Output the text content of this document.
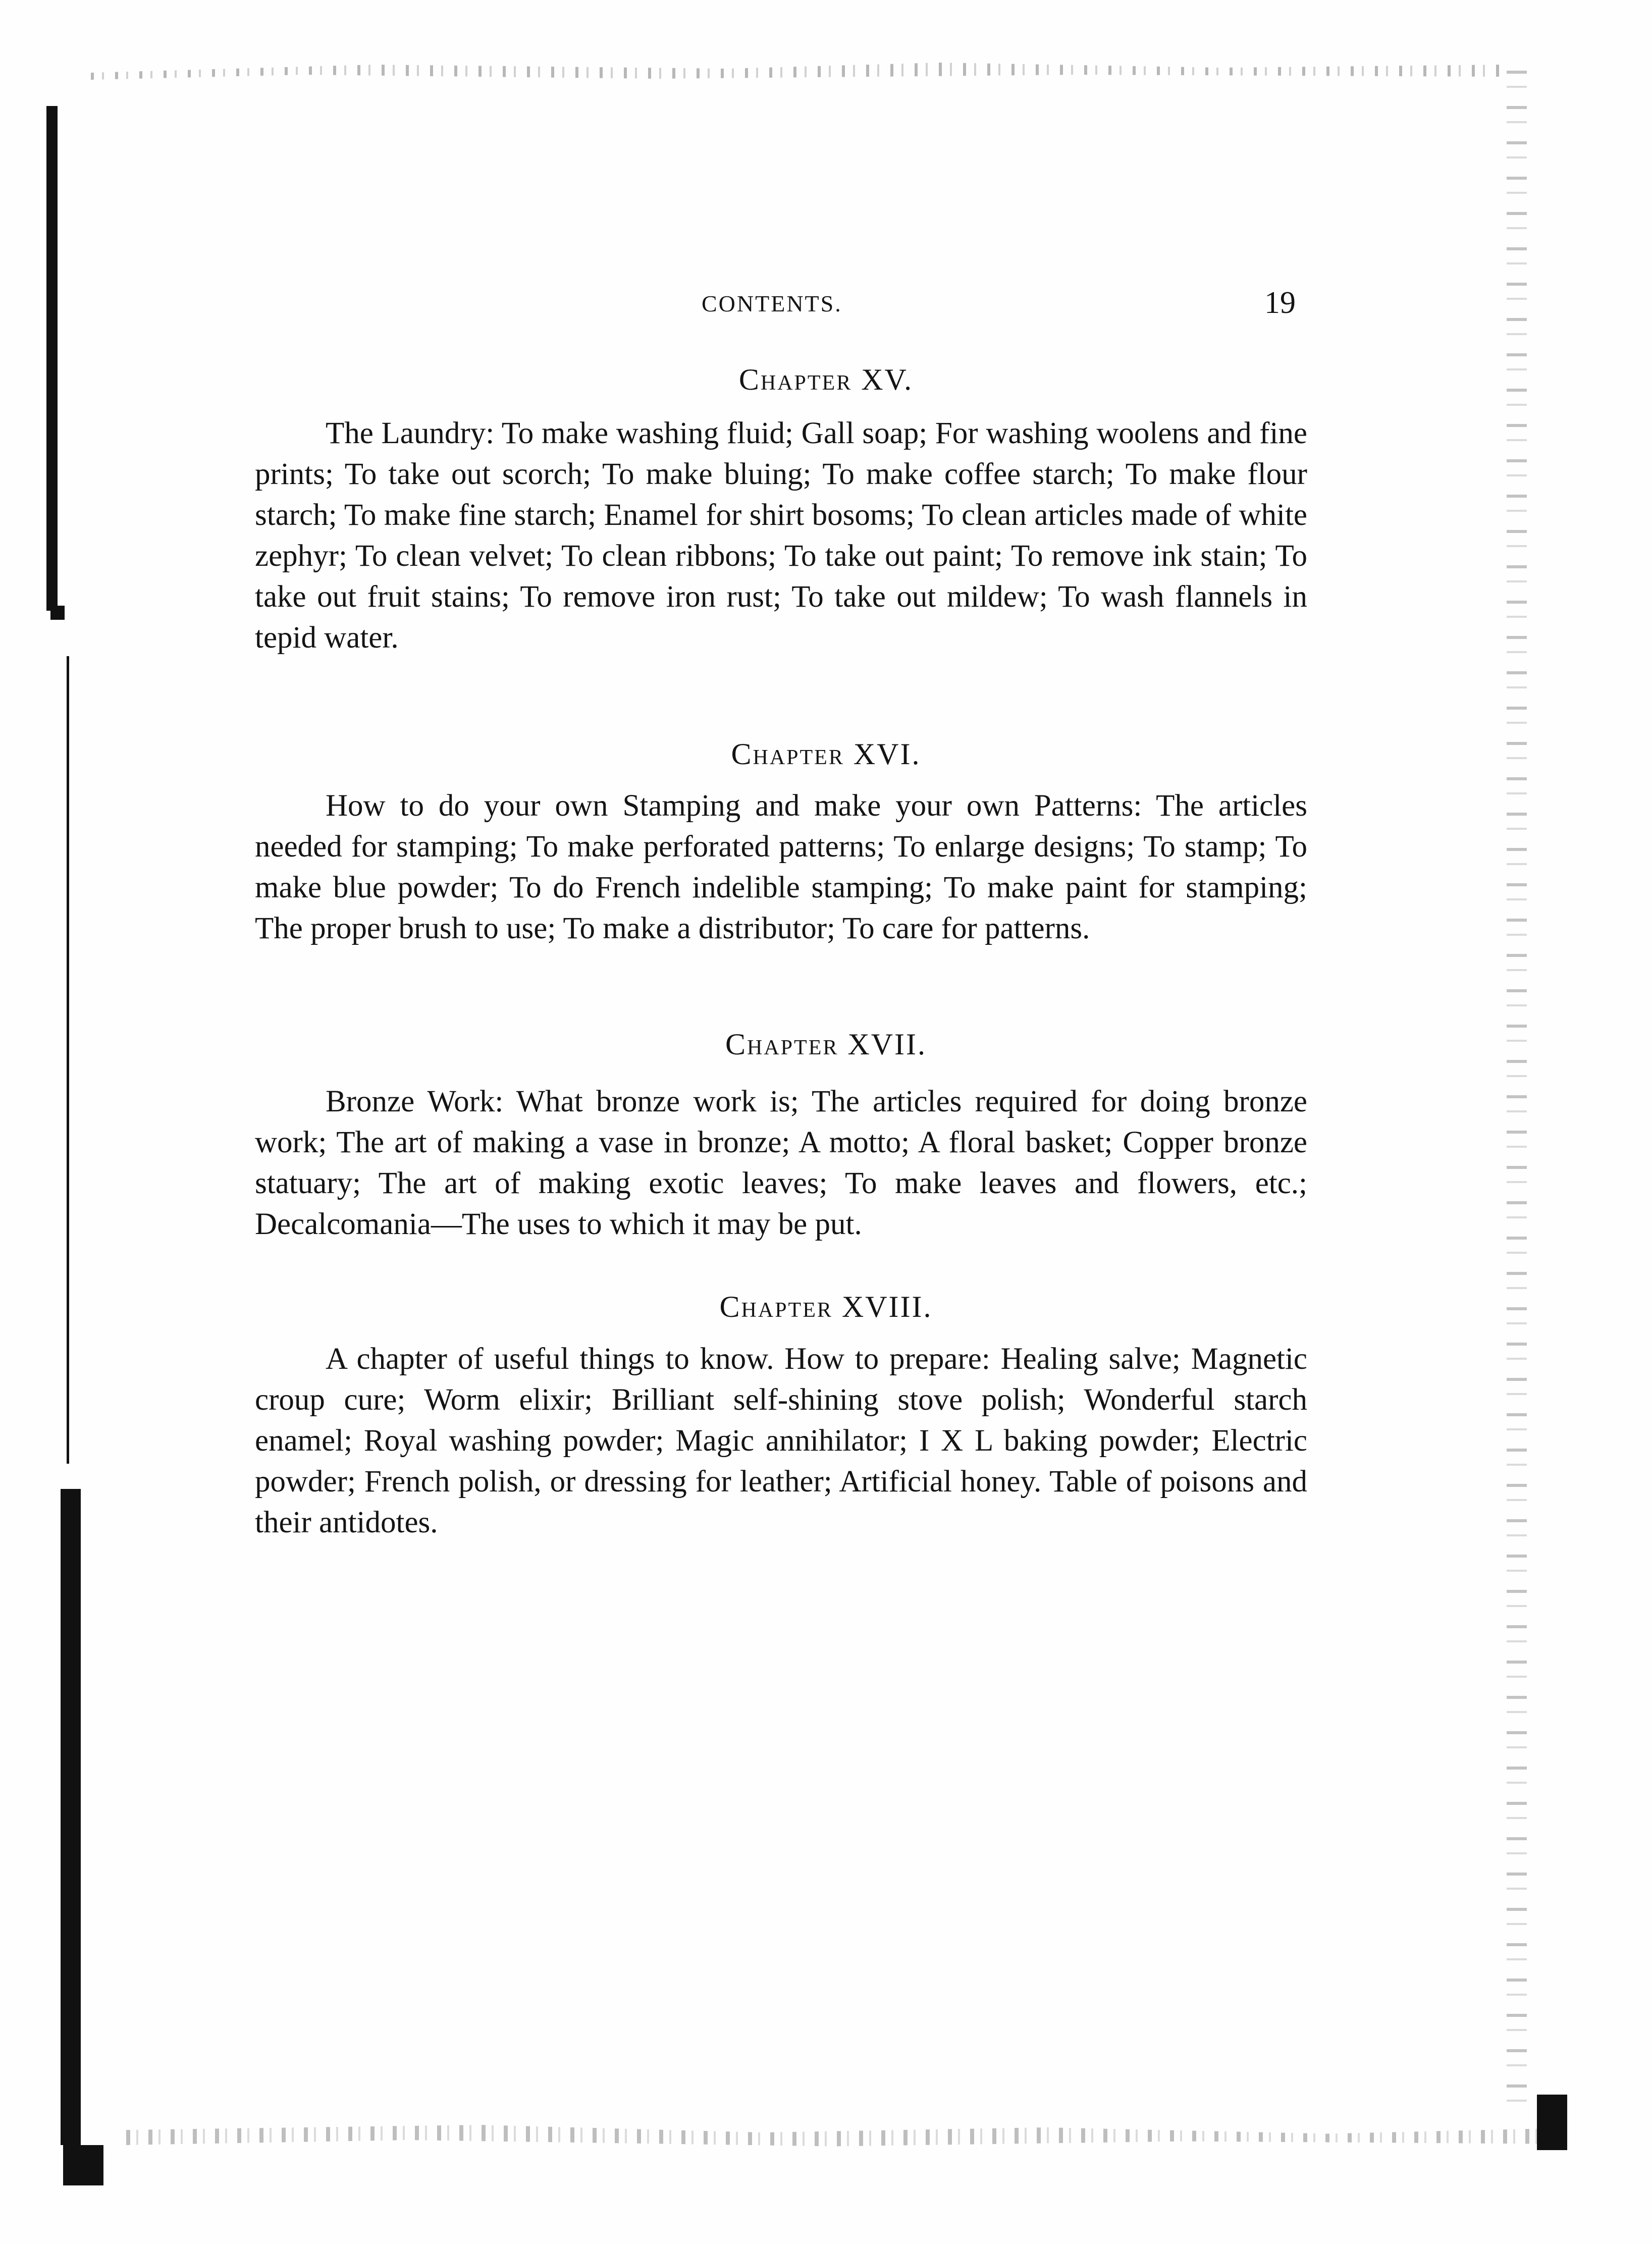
CONTENTS.	19
Chapter XV.
The Laundry: To make washing fluid; Gall soap; For washing woolens and fine prints; To take out scorch; To make bluing; To make coffee starch; To make flour starch; To make fine starch; Enamel for shirt bosoms; To clean articles made of white zephyr; To clean velvet; To clean ribbons; To take out paint; To remove ink stain; To take out fruit stains; To remove iron rust; To take out mildew; To wash flannels in tepid water.
Chapter XVI.
How to do your own Stamping and make your own Patterns: The articles needed for stamping; To make perforated patterns; To enlarge designs; To stamp; To make blue powder; To do French indelible stamping; To make paint for stamping; The proper brush to use; To make a distributor; To care for patterns.
Chapter XVII.
Bronze Work: What bronze work is; The articles required for doing bronze work; The art of making a vase in bronze; A motto; A floral basket; Copper bronze statuary; The art of making exotic leaves; To make leaves and flowers, etc.; Decalcomania—The uses to which it may be put.
Chapter XVIII.
A chapter of useful things to know. How to prepare: Healing salve; Magnetic croup cure; Worm elixir; Brilliant self-shining stove polish; Wonderful starch enamel; Royal washing powder; Magic annihilator; I X L baking powder; Electric powder; French polish, or dressing for leather; Artificial honey. Table of poisons and their antidotes.
